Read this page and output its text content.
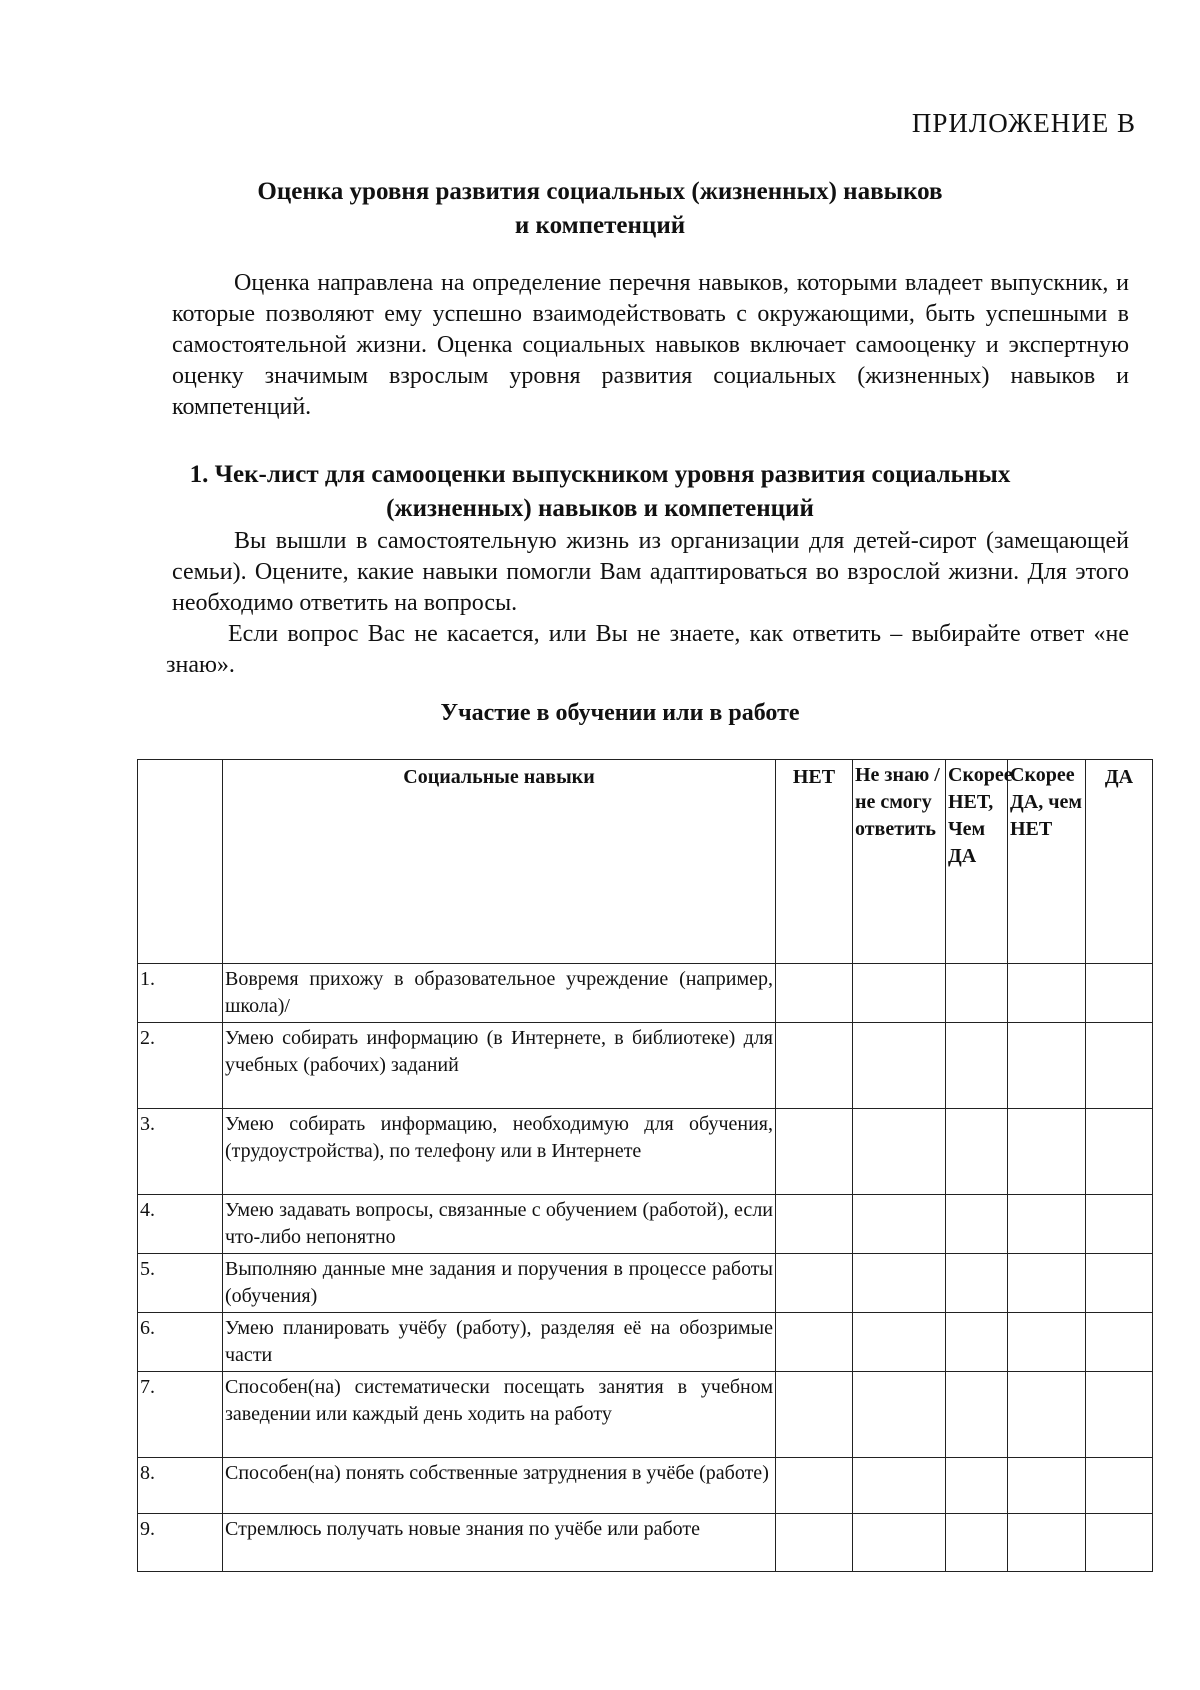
ПРИЛОЖЕНИЕ В
Оценка уровня развития социальных (жизненных) навыков
и компетенций

Оценка направлена на определение перечня навыков, которыми владеет выпускник, и которые позволяют ему успешно взаимодействовать с окружающими, быть успешными в самостоятельной жизни. Оценка социальных навыков включает самооценку и экспертную оценку значимым взрослым уровня развития социальных (жизненных) навыков и компетенций.

1. Чек-лист для самооценки выпускником уровня развития социальных
(жизненных) навыков и компетенций

Вы вышли в самостоятельную жизнь из организации для детей-сирот (замещающей семьи). Оцените, какие навыки помогли Вам адаптироваться во взрослой жизни. Для этого необходимо ответить на вопросы.

Если вопрос Вас не касается, или Вы не знаете, как ответить – выбирайте ответ «не знаю».

Участие в обучении или в работе
	Социальные навыки	НЕТ	Не знаю /не смогу ответить	Скорее НЕТ, Чем ДА	Скорее ДА, чем НЕТ	ДА
1.	Вовремя прихожу в образовательное учреждение (например, школа)/					
2.	Умею собирать информацию (в Интернете, в библиотеке) для учебных (рабочих) заданий					
3.	Умею собирать информацию, необходимую для обучения, (трудоустройства), по телефону или в Интернете					
4.	Умею задавать вопросы, связанные с обучением (работой), если что-либо непонятно					
5.	Выполняю данные мне задания и поручения в процессе работы (обучения)					
6.	Умею планировать учёбу (работу), разделяя её на обозримые части					
7.	Способен(на) систематически посещать занятия в учебном заведении или каждый день ходить на работу					
8.	Способен(на) понять собственные затруднения в учёбе (работе)					
9.	Стремлюсь получать новые знания по учёбе или работе					
